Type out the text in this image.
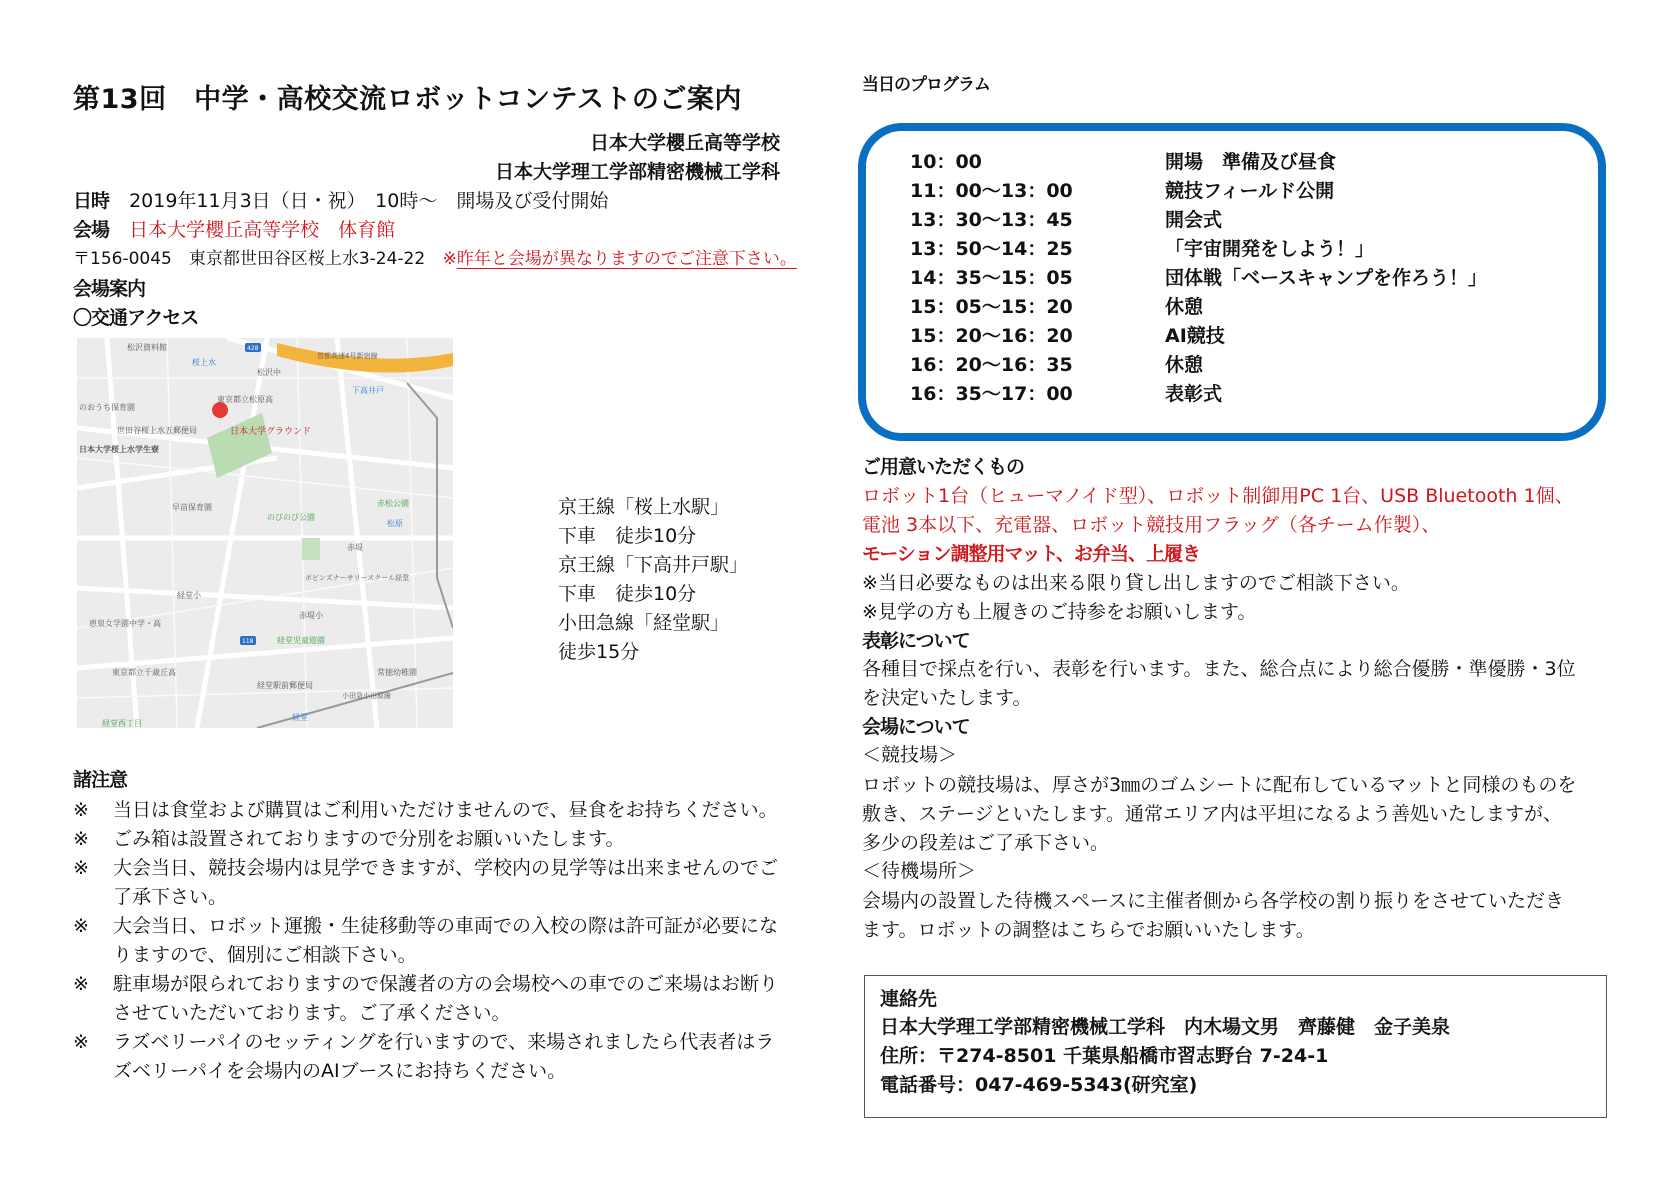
第13回　中学・高校交流ロボットコンテストのご案内
日本大学櫻丘高等学校
日本大学理工学部精密機械工学科
日時 2019年11月3日（日・祝）　10時～　開場及び受付開始
会場 日本大学櫻丘高等学校　体育館
〒156-0045　東京都世田谷区桜上水3-24-22 ※昨年と会場が異なりますのでご注意下さい。
会場案内
〇交通アクセス
日本大学グラウンド
松沢資料館
桜上水
松沢中
首都高速4号新宿線
下高井戸
東京都立松原高
のおうち保育園
世田谷桜上水五郵便局
日本大学桜上水学生寮
早苗保育園
のびのび公園
赤松公園
松原
赤堤
ボビンズナーサリースクール経堂
経堂小
赤堤小
恵泉女学園中学・高
経堂児童遊園
東京都立千歳丘高	常徳幼稚園
経堂駅前郵便局
小田急小田原線
経堂
経堂西丁目
428
118
京王線「桜上水駅」
下車　徒歩10分
京王線「下高井戸駅」
下車　徒歩10分
小田急線「経堂駅」
徒歩15分
諸注意
※ 当日は食堂および購買はご利用いただけませんので、昼食をお持ちください。
※ ごみ箱は設置されておりますので分別をお願いいたします。
※ 大会当日、競技会場内は見学できますが、学校内の見学等は出来ませんのでご
了承下さい。
※ 大会当日、ロボット運搬・生徒移動等の車両での入校の際は許可証が必要にな
りますので、個別にご相談下さい。
※ 駐車場が限られておりますので保護者の方の会場校への車でのご来場はお断り
させていただいております。ご了承ください。
※ ラズベリーパイのセッティングを行いますので、来場されましたら代表者はラ
ズベリーパイを会場内のAIブースにお持ちください。
当日のプログラム
10：00	開場　準備及び昼食
11：00～13：00	競技フィールド公開
13：30～13：45	開会式
13：50～14：25	「宇宙開発をしよう！」
14：35～15：05	団体戦「ベースキャンプを作ろう！」
15：05～15：20	休憩
15：20～16：20	AI競技
16：20～16：35	休憩
16：35～17：00	表彰式
ご用意いただくもの
ロボット1台（ヒューマノイド型）、ロボット制御用PC 1台、USB Bluetooth 1個、
電池 3本以下、充電器、ロボット競技用フラッグ（各チーム作製）、
モーション調整用マット、お弁当、上履き
※当日必要なものは出来る限り貸し出しますのでご相談下さい。
※見学の方も上履きのご持参をお願いします。
表彰について
各種目で採点を行い、表彰を行います。また、総合点により総合優勝・準優勝・3位
を決定いたします。
会場について
＜競技場＞
ロボットの競技場は、厚さが3㎜のゴムシートに配布しているマットと同様のものを
敷き、ステージといたします。通常エリア内は平坦になるよう善処いたしますが、
多少の段差はご了承下さい。
＜待機場所＞
会場内の設置した待機スペースに主催者側から各学校の割り振りをさせていただき
ます。ロボットの調整はこちらでお願いいたします。
連絡先
日本大学理工学部精密機械工学科　内木場文男　齊藤健　金子美泉
住所：〒274-8501 千葉県船橋市習志野台 7-24-1
電話番号：047-469-5343(研究室)
